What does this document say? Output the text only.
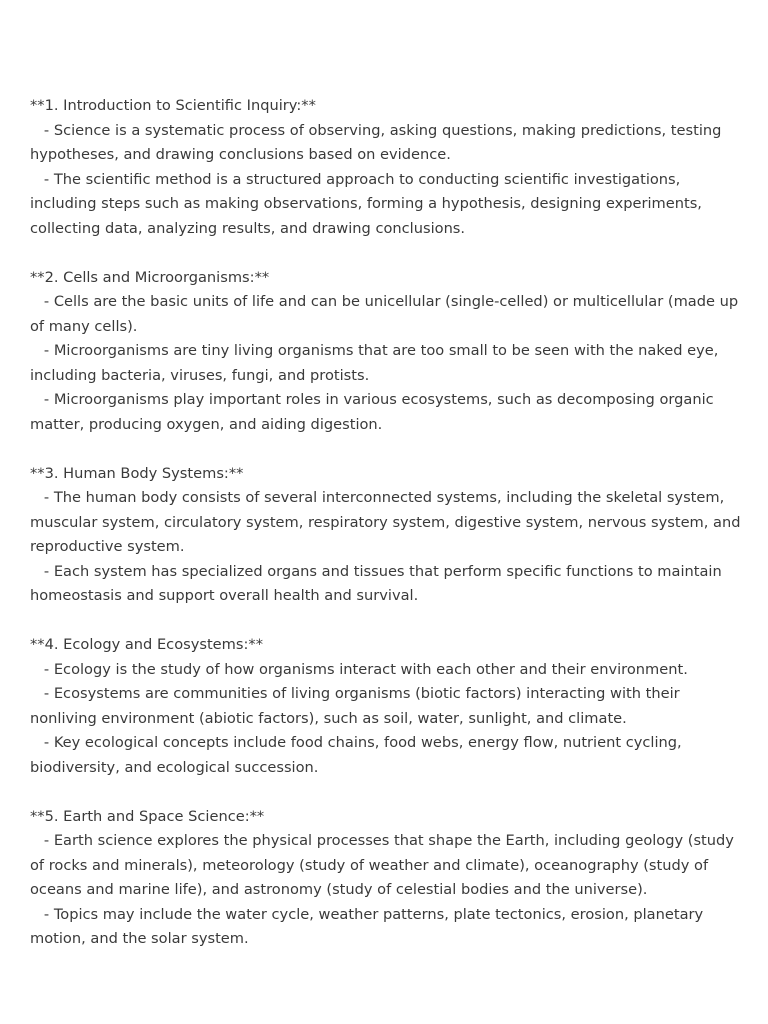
**1. Introduction to Scientific Inquiry:**
- Science is a systematic process of observing, asking questions, making predictions, testing hypotheses, and drawing conclusions based on evidence.
- The scientific method is a structured approach to conducting scientific investigations, including steps such as making observations, forming a hypothesis, designing experiments, collecting data, analyzing results, and drawing conclusions.
**2. Cells and Microorganisms:**
- Cells are the basic units of life and can be unicellular (single-celled) or multicellular (made up of many cells).
- Microorganisms are tiny living organisms that are too small to be seen with the naked eye, including bacteria, viruses, fungi, and protists.
- Microorganisms play important roles in various ecosystems, such as decomposing organic matter, producing oxygen, and aiding digestion.
**3. Human Body Systems:**
- The human body consists of several interconnected systems, including the skeletal system, muscular system, circulatory system, respiratory system, digestive system, nervous system, and reproductive system.
- Each system has specialized organs and tissues that perform specific functions to maintain homeostasis and support overall health and survival.
**4. Ecology and Ecosystems:**
- Ecology is the study of how organisms interact with each other and their environment.
- Ecosystems are communities of living organisms (biotic factors) interacting with their nonliving environment (abiotic factors), such as soil, water, sunlight, and climate.
- Key ecological concepts include food chains, food webs, energy flow, nutrient cycling, biodiversity, and ecological succession.
**5. Earth and Space Science:**
- Earth science explores the physical processes that shape the Earth, including geology (study of rocks and minerals), meteorology (study of weather and climate), oceanography (study of oceans and marine life), and astronomy (study of celestial bodies and the universe).
- Topics may include the water cycle, weather patterns, plate tectonics, erosion, planetary motion, and the solar system.
